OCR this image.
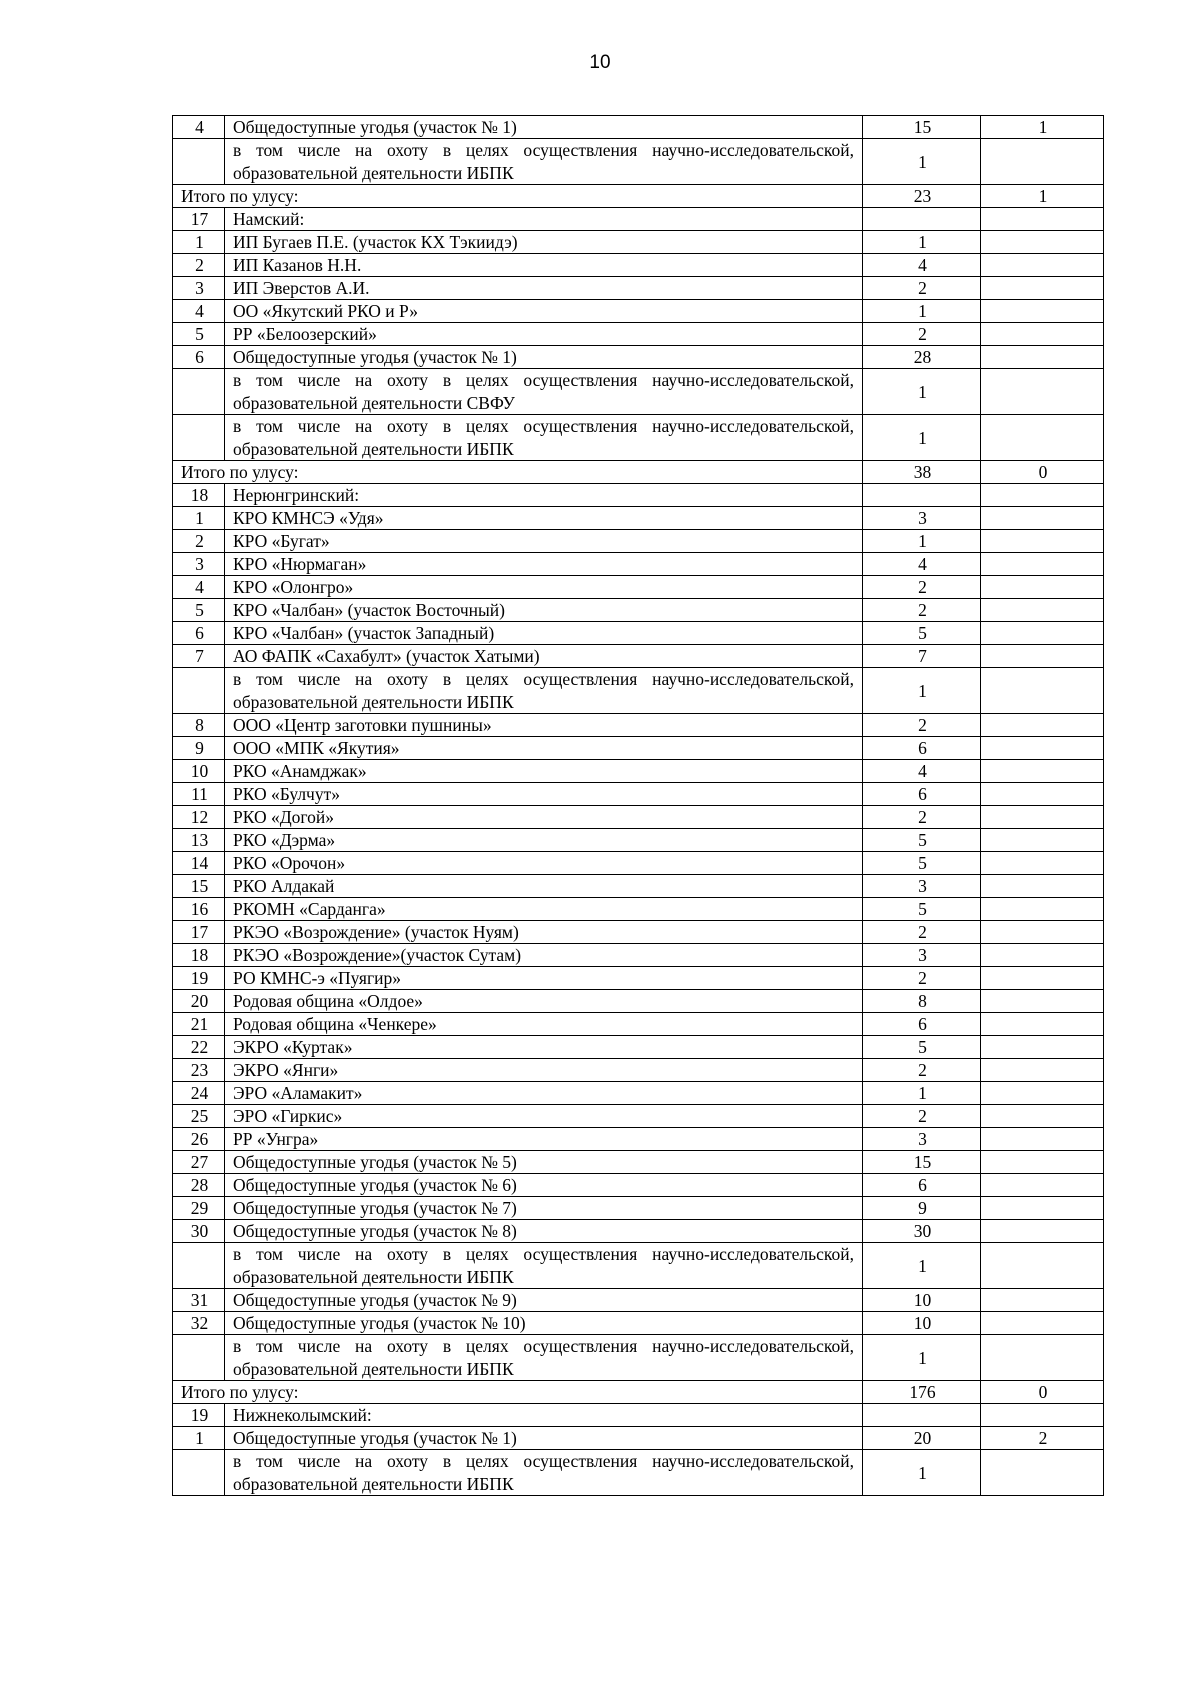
10
4	Общедоступные угодья (участок № 1)	15	1
	в том числе на охоту в целях осуществления научно-исследовательской, образовательной деятельности ИБПК	1	
Итого по улусу:		23	1
17	Намский:		
1	ИП Бугаев П.Е. (участок КХ Тэкиидэ)	1	
2	ИП Казанов Н.Н.	4	
3	ИП Эверстов А.И.	2	
4	ОО «Якутский РКО и Р»	1	
5	РР «Белоозерский»	2	
6	Общедоступные угодья (участок № 1)	28	
	в том числе на охоту в целях осуществления научно-исследовательской, образовательной деятельности СВФУ	1	
	в том числе на охоту в целях осуществления научно-исследовательской, образовательной деятельности ИБПК	1	
Итого по улусу:		38	0
18	Нерюнгринский:		
1	КРО КМНСЭ «Удя»	3	
2	КРО «Бугат»	1	
3	КРО «Нюрмаган»	4	
4	КРО «Олонгро»	2	
5	КРО «Чалбан» (участок Восточный)	2	
6	КРО «Чалбан» (участок Западный)	5	
7	АО ФАПК «Сахабулт» (участок Хатыми)	7	
	в том числе на охоту в целях осуществления научно-исследовательской, образовательной деятельности ИБПК	1	
8	ООО «Центр заготовки пушнины»	2	
9	ООО «МПК «Якутия»	6	
10	РКО «Анамджак»	4	
11	РКО «Булчут»	6	
12	РКО «Догой»	2	
13	РКО «Дэрма»	5	
14	РКО «Орочон»	5	
15	РКО Алдакай	3	
16	РКОМН «Сарданга»	5	
17	РКЭО «Возрождение» (участок Нуям)	2	
18	РКЭО «Возрождение»(участок Сутам)	3	
19	РО КМНС-э «Пуягир»	2	
20	Родовая община «Олдое»	8	
21	Родовая община «Ченкере»	6	
22	ЭКРО «Куртак»	5	
23	ЭКРО «Янги»	2	
24	ЭРО «Аламакит»	1	
25	ЭРО «Гиркис»	2	
26	РР «Унгра»	3	
27	Общедоступные угодья (участок № 5)	15	
28	Общедоступные угодья (участок № 6)	6	
29	Общедоступные угодья (участок № 7)	9	
30	Общедоступные угодья (участок № 8)	30	
	в том числе на охоту в целях осуществления научно-исследовательской, образовательной деятельности ИБПК	1	
31	Общедоступные угодья (участок № 9)	10	
32	Общедоступные угодья (участок № 10)	10	
	в том числе на охоту в целях осуществления научно-исследовательской, образовательной деятельности ИБПК	1	
Итого по улусу:		176	0
19	Нижнеколымский:		
1	Общедоступные угодья (участок № 1)	20	2
	в том числе на охоту в целях осуществления научно-исследовательской, образовательной деятельности ИБПК	1	
